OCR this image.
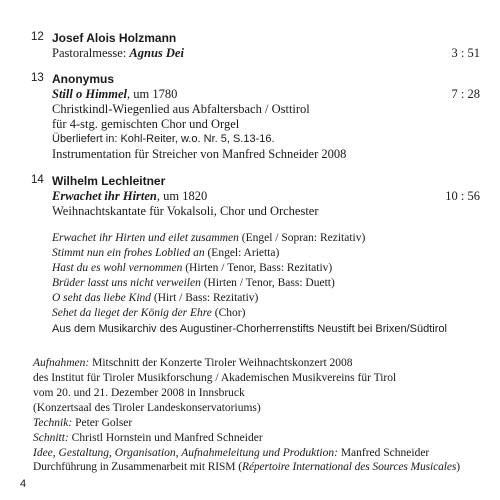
12 Josef Alois Holzmann
Pastoralmesse: Agnus Dei	3 : 51
13 Anonymus
Still o Himmel, um 1780	7 : 28
Christkindl-Wiegenlied aus Abfaltersbach / Osttirol
für 4-stg. gemischten Chor und Orgel
Überliefert in: Kohl-Reiter, w.o. Nr. 5, S.13-16.
Instrumentation für Streicher von Manfred Schneider 2008
14 Wilhelm Lechleitner
Erwachet ihr Hirten, um 1820	10 : 56
Weihnachtskantate für Vokalsoli, Chor und Orchester
Erwachet ihr Hirten und eilet zusammen (Engel / Sopran: Rezitativ)
Stimmt nun ein frohes Loblied an (Engel: Arietta)
Hast du es wohl vernommen (Hirten / Tenor, Bass: Rezitativ)
Brüder lasst uns nicht verweilen (Hirten / Tenor, Bass: Duett)
O seht das liebe Kind (Hirt / Bass: Rezitativ)
Sehet da lieget der König der Ehre (Chor)
Aus dem Musikarchiv des Augustiner-Chorherrenstifts Neustift bei Brixen/Südtirol
Aufnahmen: Mitschnitt der Konzerte Tiroler Weihnachtskonzert 2008
des Institut für Tiroler Musikforschung / Akademischen Musikvereins für Tirol
vom 20. und 21. Dezember 2008 in Innsbruck
(Konzertsaal des Tiroler Landeskonservatoriums)
Technik: Peter Golser
Schnitt: Christl Hornstein und Manfred Schneider
Idee, Gestaltung, Organisation, Aufnahmeleitung und Produktion: Manfred Schneider
Durchführung in Zusammenarbeit mit RISM (Répertoire International des Sources Musicales)
4
